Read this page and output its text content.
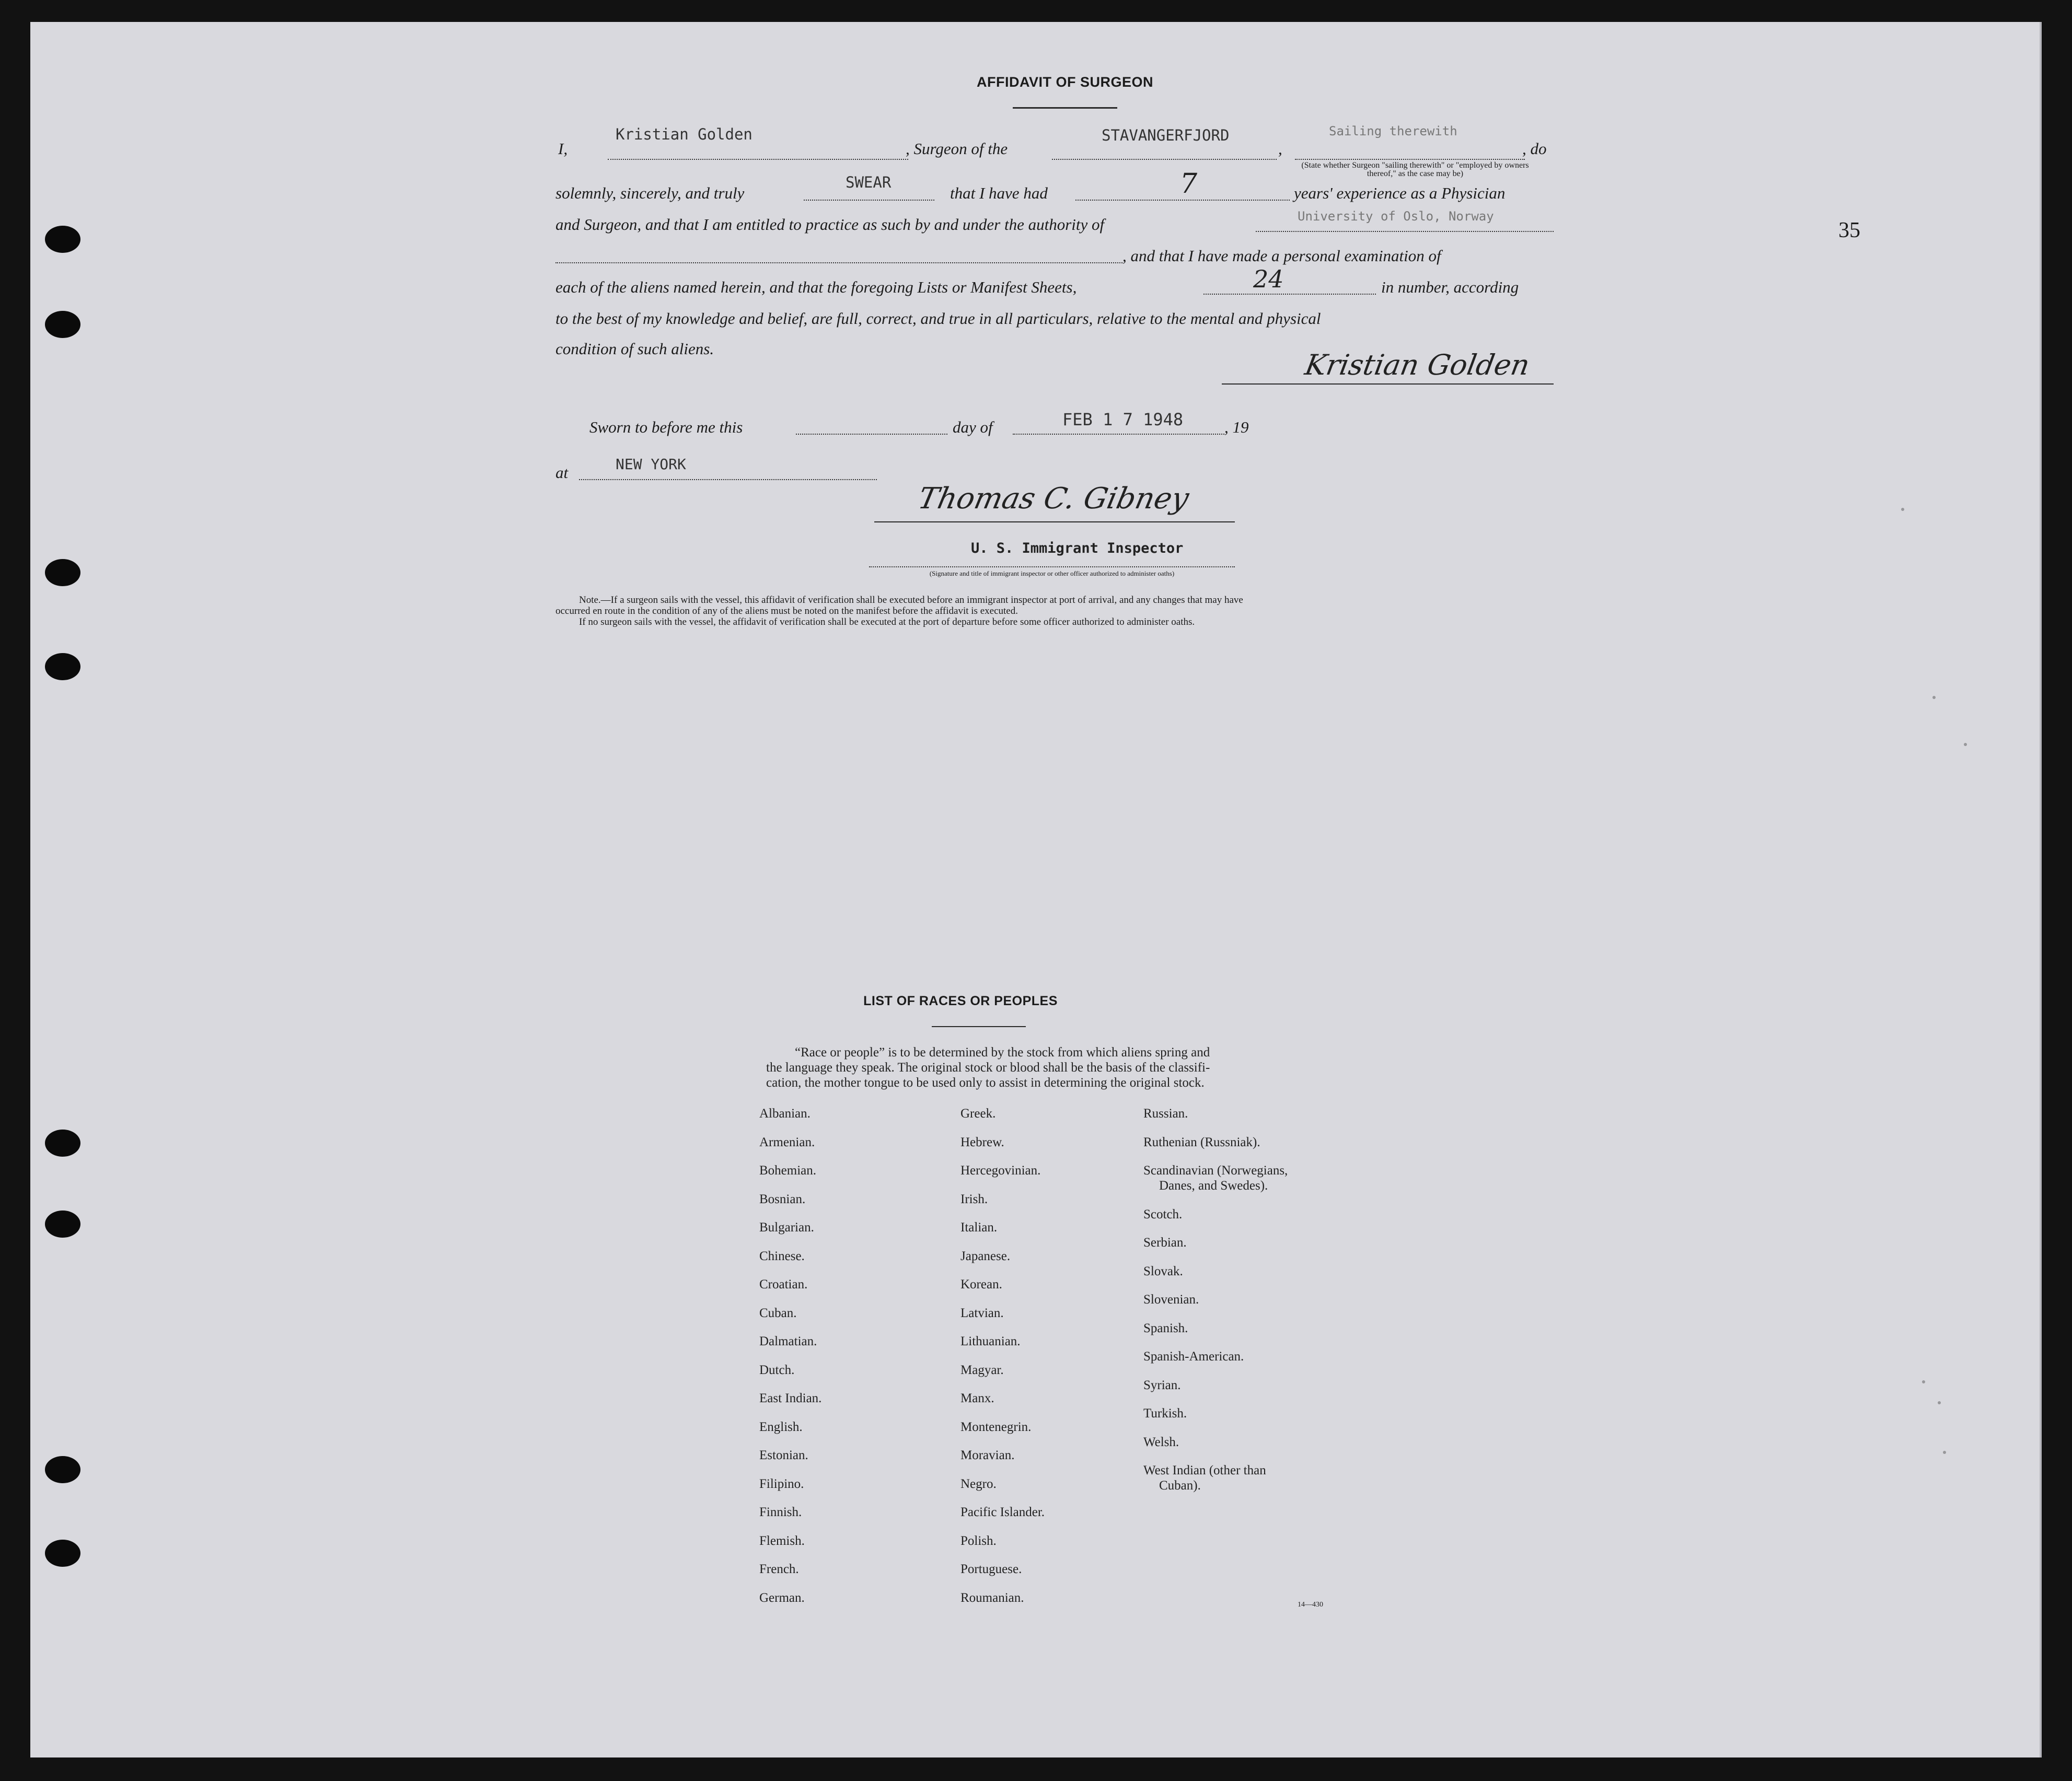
35
AFFIDAVIT OF SURGEON
I,
Kristian Golden
, Surgeon of the
STAVANGERFJORD
,
Sailing therewith
(State whether Surgeon "sailing therewith" or "employed by owners thereof," as the case may be)
, do
solemnly, sincerely, and truly
SWEAR
that I have had	7	years' experience as a Physician
and Surgeon, and that I am entitled to practice as such by and under the authority of	University of Oslo, Norway
, and that I have made a personal examination of
each of the aliens named herein, and that the foregoing Lists or Manifest Sheets,	24	in number, according
to the best of my knowledge and belief, are full, correct, and true in all particulars, relative to the mental and physical
condition of such aliens.	Kristian Golden
Sworn to before me this	day of	FEB 1 7 1948	, 19
at	NEW YORK
Thomas C. Gibney
U. S. Immigrant Inspector
(Signature and title of immigrant inspector or other officer authorized to administer oaths)
Note.—If a surgeon sails with the vessel, this affidavit of verification shall be executed before an immigrant inspector at port of arrival, and any changes that may have
occurred en route in the condition of any of the aliens must be noted on the manifest before the affidavit is executed.
If no surgeon sails with the vessel, the affidavit of verification shall be executed at the port of departure before some officer authorized to administer oaths.
LIST OF RACES OR PEOPLES
“Race or people” is to be determined by the stock from which aliens spring and
the language they speak. The original stock or blood shall be the basis of the classifi-
cation, the mother tongue to be used only to assist in determining the original stock.
Albanian.
Armenian.
Bohemian.
Bosnian.
Bulgarian.
Chinese.
Croatian.
Cuban.
Dalmatian.
Dutch.
East Indian.
English.
Estonian.
Filipino.
Finnish.
Flemish.
French.
German.
Greek.
Hebrew.
Hercegovinian.
Irish.
Italian.
Japanese.
Korean.
Latvian.
Lithuanian.
Magyar.
Manx.
Montenegrin.
Moravian.
Negro.
Pacific Islander.
Polish.
Portuguese.
Roumanian.
Russian.
Ruthenian (Russniak).
Scandinavian (Norwegians,
Danes, and Swedes).
Scotch.
Serbian.
Slovak.
Slovenian.
Spanish.
Spanish-American.
Syrian.
Turkish.
Welsh.
West Indian (other than
Cuban).
14—430
